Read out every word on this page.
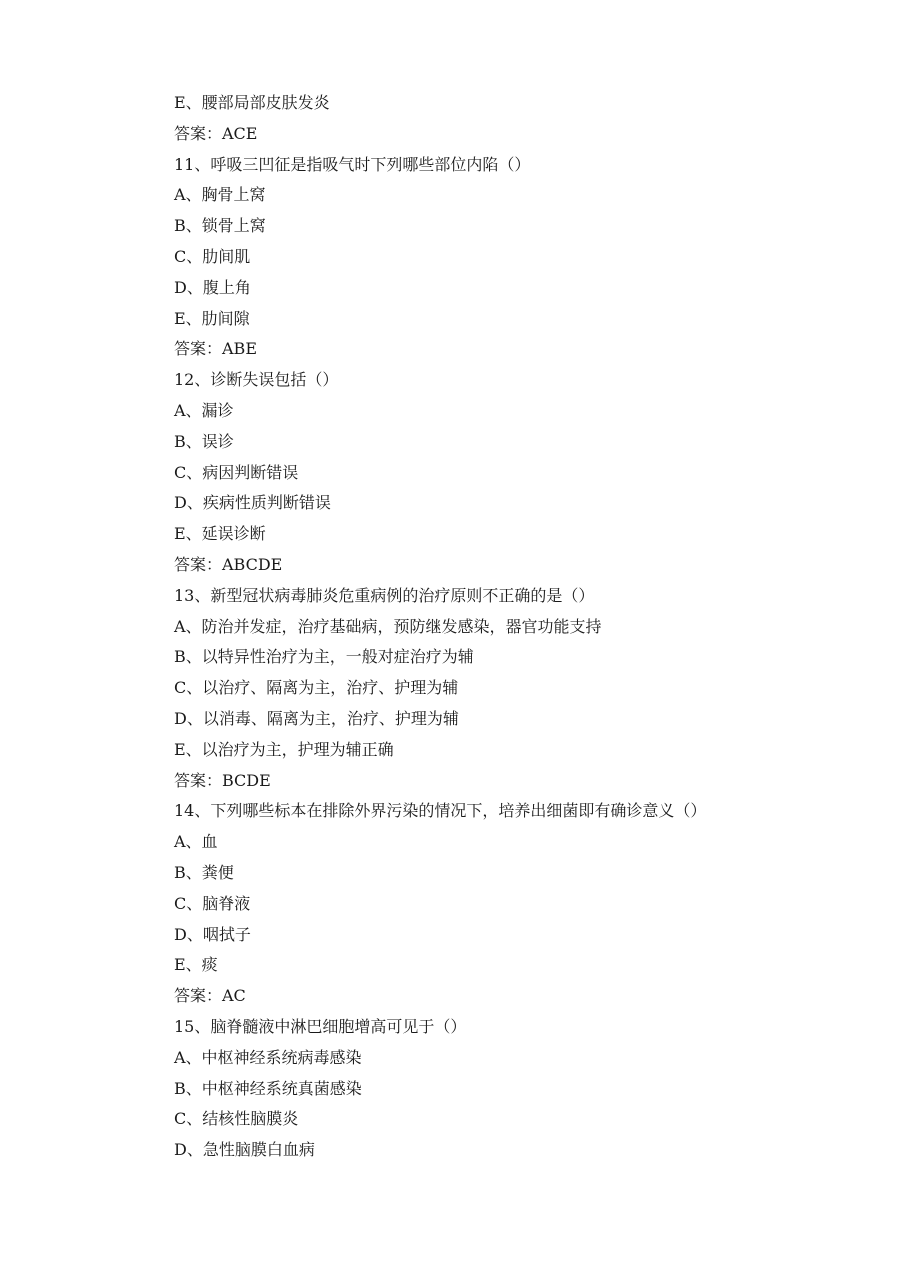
E、腰部局部皮肤发炎
答案：ACE
11、呼吸三凹征是指吸气时下列哪些部位内陷（）
A、胸骨上窝
B、锁骨上窝
C、肋间肌
D、腹上角
E、肋间隙
答案：ABE
12、诊断失误包括（）
A、漏诊
B、误诊
C、病因判断错误
D、疾病性质判断错误
E、延误诊断
答案：ABCDE
13、新型冠状病毒肺炎危重病例的治疗原则不正确的是（）
A、防治并发症，治疗基础病，预防继发感染，器官功能支持
B、以特异性治疗为主，一般对症治疗为辅
C、以治疗、隔离为主，治疗、护理为辅
D、以消毒、隔离为主，治疗、护理为辅
E、以治疗为主，护理为辅正确
答案：BCDE
14、下列哪些标本在排除外界污染的情况下，培养出细菌即有确诊意义（）
A、血
B、粪便
C、脑脊液
D、咽拭子
E、痰
答案：AC
15、脑脊髓液中淋巴细胞增高可见于（）
A、中枢神经系统病毒感染
B、中枢神经系统真菌感染
C、结核性脑膜炎
D、急性脑膜白血病
